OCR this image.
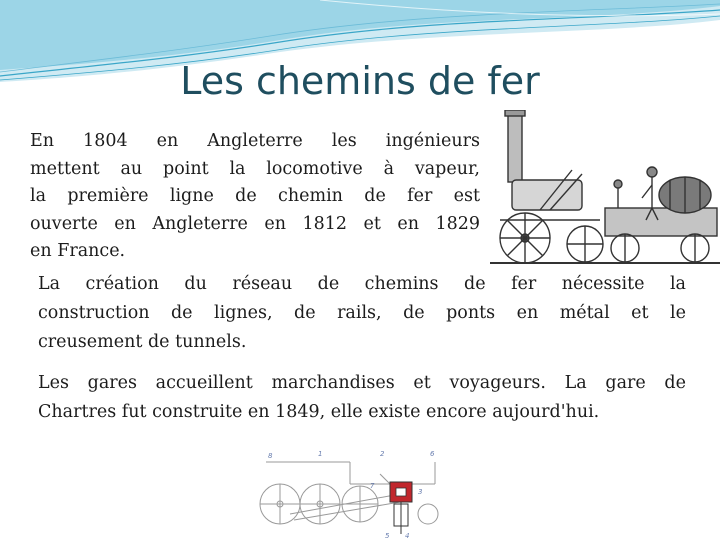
Les chemins de fer

En 1804 en Angleterre les ingénieurs
mettent au point la locomotive à vapeur,
la première ligne de chemin de fer est
ouverte en Angleterre en 1812 et en 1829
en France.

La création du réseau de chemins de fer nécessite la
construction de lignes, de rails, de ponts en métal et le
creusement de tunnels.

Les gares accueillent marchandises et voyageurs. La gare de
Chartres fut construite en 1849, elle existe encore aujourd'hui.

8	1	2	6
7
3
4
5
